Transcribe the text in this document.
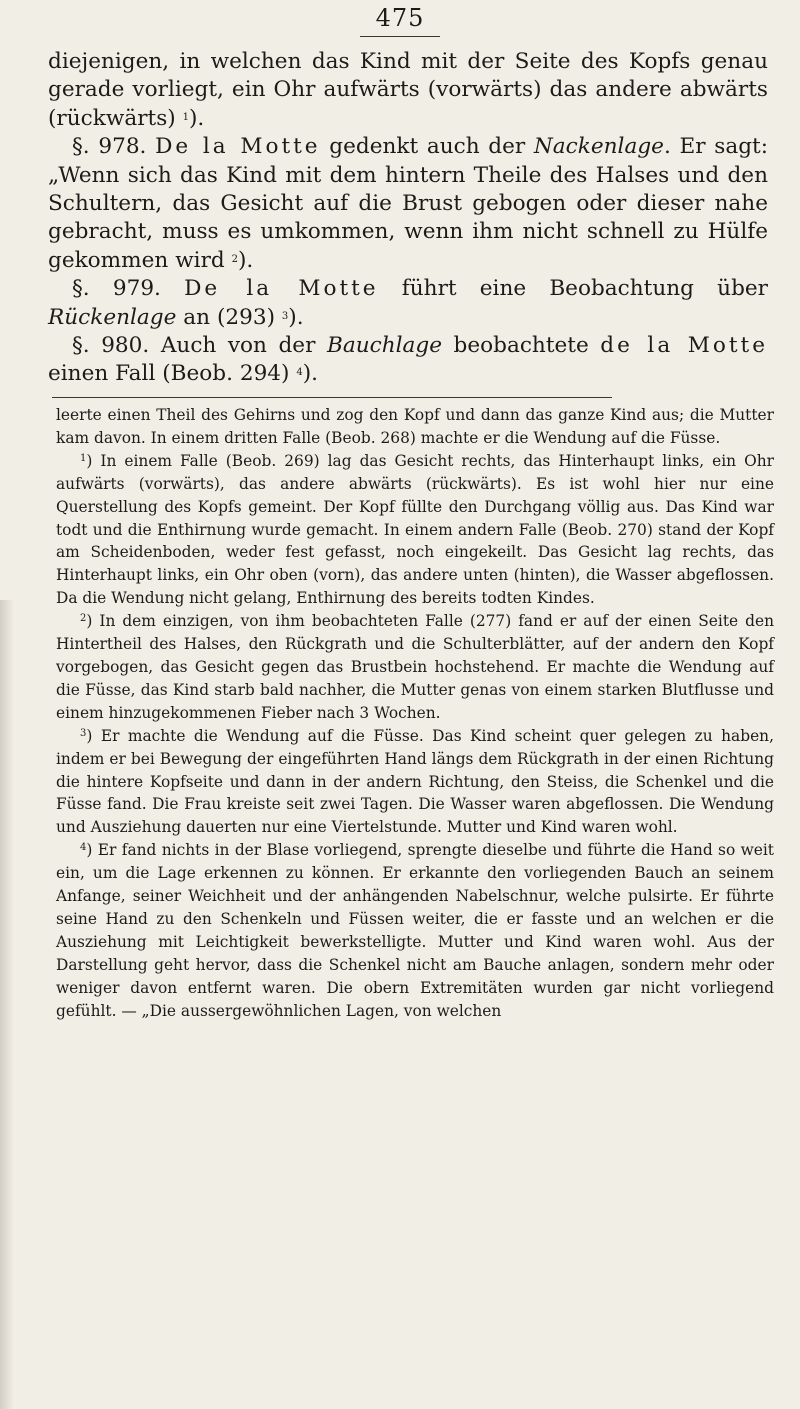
475

diejenigen, in welchen das Kind mit der Seite des Kopfs genau gerade vorliegt, ein Ohr aufwärts (vorwärts) das andere abwärts (rückwärts) $^1$).

§. 978. De la Motte gedenkt auch der Nackenlage. Er sagt: „Wenn sich das Kind mit dem hintern Theile des Halses und den Schultern, das Gesicht auf die Brust gebogen oder dieser nahe gebracht, muss es umkommen, wenn ihm nicht schnell zu Hülfe gekommen wird $^2$).

§. 979. De la Motte führt eine Beobachtung über Rückenlage an (293) $^3$).

§. 980. Auch von der Bauchlage beobachtete de la Motte einen Fall (Beob. 294) $^4$).

leerte einen Theil des Gehirns und zog den Kopf und dann das ganze Kind aus; die Mutter kam davon. In einem dritten Falle (Beob. 268) machte er die Wendung auf die Füsse.

$^1$) In einem Falle (Beob. 269) lag das Gesicht rechts, das Hinterhaupt links, ein Ohr aufwärts (vorwärts), das andere abwärts (rückwärts). Es ist wohl hier nur eine Querstellung des Kopfs gemeint. Der Kopf füllte den Durchgang völlig aus. Das Kind war todt und die Enthirnung wurde gemacht. In einem andern Falle (Beob. 270) stand der Kopf am Scheidenboden, weder fest gefasst, noch eingekeilt. Das Gesicht lag rechts, das Hinterhaupt links, ein Ohr oben (vorn), das andere unten (hinten), die Wasser abgeflossen. Da die Wendung nicht gelang, Enthirnung des bereits todten Kindes.

$^2$) In dem einzigen, von ihm beobachteten Falle (277) fand er auf der einen Seite den Hintertheil des Halses, den Rückgrath und die Schulterblätter, auf der andern den Kopf vorgebogen, das Gesicht gegen das Brustbein hochstehend. Er machte die Wendung auf die Füsse, das Kind starb bald nachher, die Mutter genas von einem starken Blutflusse und einem hinzugekommenen Fieber nach 3 Wochen.

$^3$) Er machte die Wendung auf die Füsse. Das Kind scheint quer gelegen zu haben, indem er bei Bewegung der eingeführten Hand längs dem Rückgrath in der einen Richtung die hintere Kopfseite und dann in der andern Richtung, den Steiss, die Schenkel und die Füsse fand. Die Frau kreiste seit zwei Tagen. Die Wasser waren abgeflossen. Die Wendung und Ausziehung dauerten nur eine Viertelstunde. Mutter und Kind waren wohl.

$^4$) Er fand nichts in der Blase vorliegend, sprengte dieselbe und führte die Hand so weit ein, um die Lage erkennen zu können. Er erkannte den vorliegenden Bauch an seinem Anfange, seiner Weichheit und der anhängenden Nabelschnur, welche pulsirte. Er führte seine Hand zu den Schenkeln und Füssen weiter, die er fasste und an welchen er die Ausziehung mit Leichtigkeit bewerkstelligte. Mutter und Kind waren wohl. Aus der Darstellung geht hervor, dass die Schenkel nicht am Bauche anlagen, sondern mehr oder weniger davon entfernt waren. Die obern Extremitäten wurden gar nicht vorliegend gefühlt. — „Die aussergewöhnlichen Lagen, von welchen
